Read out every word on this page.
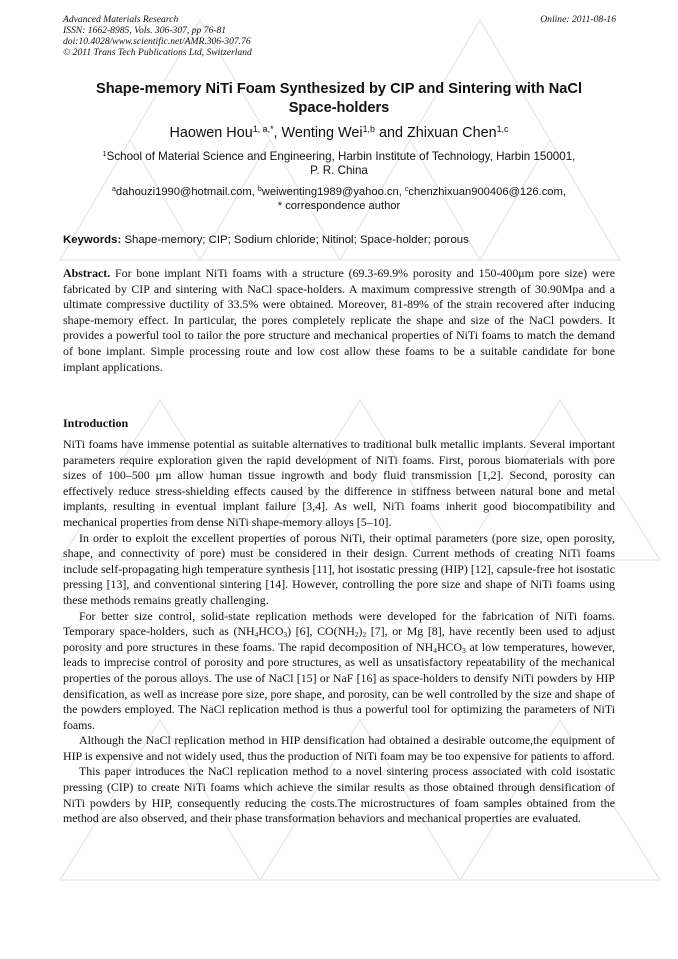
Advanced Materials Research
ISSN: 1662-8985, Vols. 306-307, pp 76-81
doi:10.4028/www.scientific.net/AMR.306-307.76
© 2011 Trans Tech Publications Ltd, Switzerland
Online: 2011-08-16
Shape-memory NiTi Foam Synthesized by CIP and Sintering with NaCl
Space-holders
Haowen Hou$^{1, a,*}$, Wenting Wei$^{1,b}$ and Zhixuan Chen$^{1,c}$
$^1$School of Material Science and Engineering, Harbin Institute of Technology, Harbin 150001,
P. R. China
$^a$dahouzi1990@hotmail.com, $^b$weiwenting1989@yahoo.cn, $^c$chenzhixuan900406@126.com,
* correspondence author
Keywords: Shape-memory; CIP; Sodium chloride; Nitinol; Space-holder; porous
Abstract. For bone implant NiTi foams with a structure (69.3-69.9% porosity and 150-400μm pore size) were fabricated by CIP and sintering with NaCl space-holders. A maximum compressive strength of 30.90Mpa and a ultimate compressive ductility of 33.5% were obtained. Moreover, 81-89% of the strain recovered after inducing shape-memory effect. In particular, the pores completely replicate the shape and size of the NaCl powders. It provides a powerful tool to tailor the pore structure and mechanical properties of NiTi foams to match the demand of bone implant. Simple processing route and low cost allow these foams to be a suitable candidate for bone implant applications.
Introduction

NiTi foams have immense potential as suitable alternatives to traditional bulk metallic implants. Several important parameters require exploration given the rapid development of NiTi foams. First, porous biomaterials with pore sizes of 100–500 μm allow human tissue ingrowth and body fluid transmission [1,2]. Second, porosity can effectively reduce stress-shielding effects caused by the difference in stiffness between natural bone and metal implants, resulting in eventual implant failure [3,4]. As well, NiTi foams inherit good biocompatibility and mechanical properties from dense NiTi shape-memory alloys [5–10].

In order to exploit the excellent properties of porous NiTi, their optimal parameters (pore size, open porosity, shape, and connectivity of pore) must be considered in their design. Current methods of creating NiTi foams include self-propagating high temperature synthesis [11], hot isostatic pressing (HIP) [12], capsule-free hot isostatic pressing [13], and conventional sintering [14]. However, controlling the pore size and shape of NiTi foams using these methods remains greatly challenging.

For better size control, solid-state replication methods were developed for the fabrication of NiTi foams. Temporary space-holders, such as $(NH_4HCO_3)$ [6], $CO(NH_2)_2$ [7], or Mg [8], have recently been used to adjust porosity and pore structures in these foams. The rapid decomposition of $NH_4HCO_3$ at low temperatures, however, leads to imprecise control of porosity and pore structures, as well as unsatisfactory repeatability of the mechanical properties of the porous alloys. The use of NaCl [15] or NaF [16] as space-holders to densify NiTi powders by HIP densification, as well as increase pore size, pore shape, and porosity, can be well controlled by the size and shape of the powders employed. The NaCl replication method is thus a powerful tool for optimizing the parameters of NiTi foams.

Although the NaCl replication method in HIP densification had obtained a desirable outcome,the equipment of HIP is expensive and not widely used, thus the production of NiTi foam may be too expensive for patients to afford.

This paper introduces the NaCl replication method to a novel sintering process associated with cold isostatic pressing (CIP) to create NiTi foams which achieve the similar results as those obtained through densification of NiTi powders by HIP, consequently reducing the costs.The microstructures of foam samples obtained from the method are also observed, and their phase transformation behaviors and mechanical properties are evaluated.
